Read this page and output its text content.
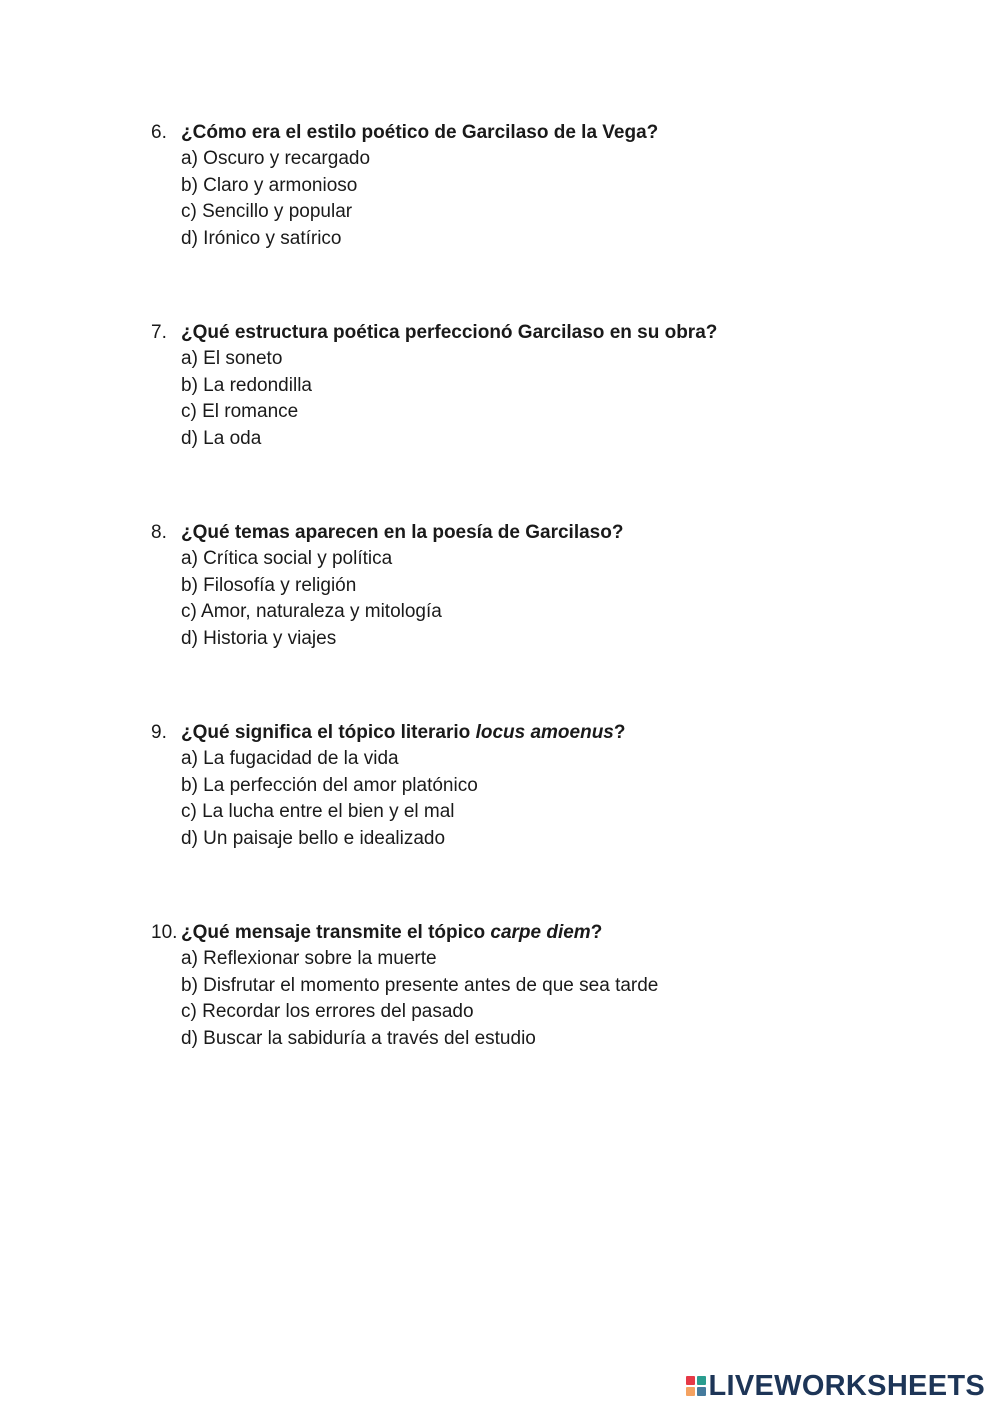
6. ¿Cómo era el estilo poético de Garcilaso de la Vega?
a) Oscuro y recargado
b) Claro y armonioso
c) Sencillo y popular
d) Irónico y satírico
7. ¿Qué estructura poética perfeccionó Garcilaso en su obra?
a) El soneto
b) La redondilla
c) El romance
d) La oda
8. ¿Qué temas aparecen en la poesía de Garcilaso?
a) Crítica social y política
b) Filosofía y religión
c) Amor, naturaleza y mitología
d) Historia y viajes
9. ¿Qué significa el tópico literario locus amoenus?
a) La fugacidad de la vida
b) La perfección del amor platónico
c) La lucha entre el bien y el mal
d) Un paisaje bello e idealizado
10. ¿Qué mensaje transmite el tópico carpe diem?
a) Reflexionar sobre la muerte
b) Disfrutar el momento presente antes de que sea tarde
c) Recordar los errores del pasado
d) Buscar la sabiduría a través del estudio
LIVEWORKSHEETS
